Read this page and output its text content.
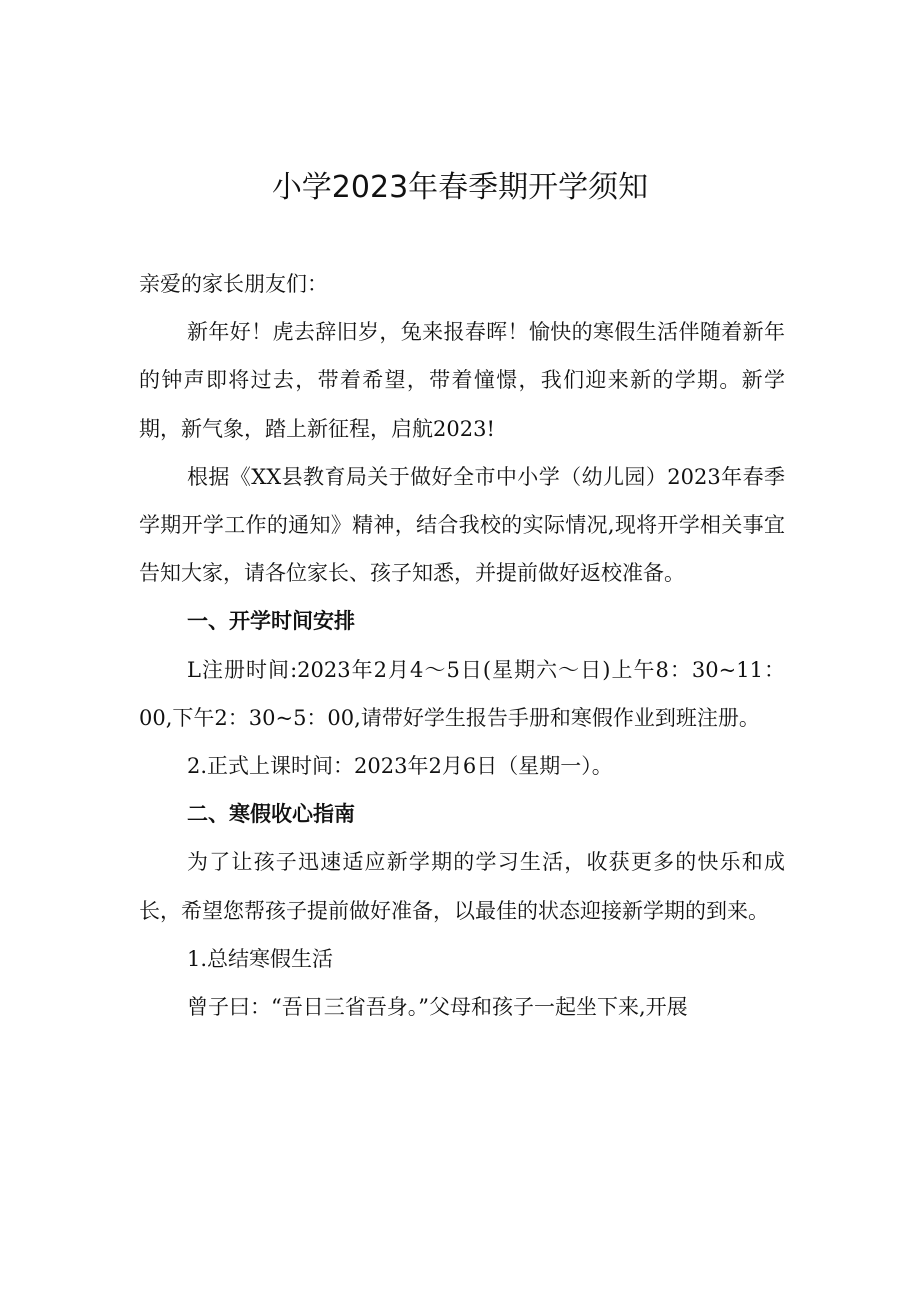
小学2023年春季期开学须知

亲爱的家长朋友们：

新年好！虎去辞旧岁，兔来报春晖！愉快的寒假生活伴随着新年的钟声即将过去，带着希望，带着憧憬，我们迎来新的学期。新学期，新气象，踏上新征程，启航2023!

根据《XX县教育局关于做好全市中小学（幼儿园）2023年春季学期开学工作的通知》精神，结合我校的实际情况,现将开学相关事宜告知大家，请各位家长、孩子知悉，并提前做好返校准备。

一、开学时间安排

L注册时间:2023年2月4～5日(星期六～日)上午8：30~11：00,下午2：30~5：00,请带好学生报告手册和寒假作业到班注册。

2.正式上课时间：2023年2月6日（星期一）。

二、寒假收心指南

为了让孩子迅速适应新学期的学习生活，收获更多的快乐和成长，希望您帮孩子提前做好准备，以最佳的状态迎接新学期的到来。

1.总结寒假生活

曾子曰：“吾日三省吾身。”父母和孩子一起坐下来,开展
